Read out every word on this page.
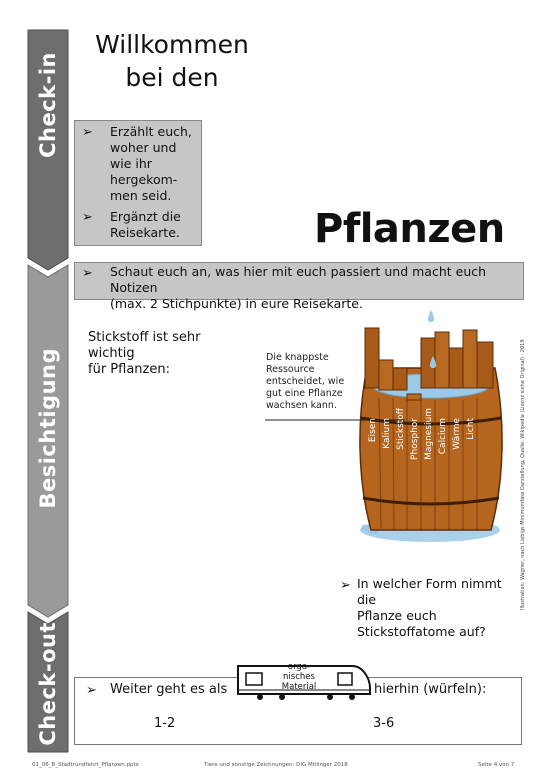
Check-in
Besichtigung
Check-out
Willkommen
bei den
➢ Erzählt euch,
woher und
wie ihr
hergekom-
men seid.
➢ Ergänzt die
Reisekarte.	Pflanzen
➢ Schaut euch an, was hier mit euch passiert und macht euch Notizen
(max. 2 Stichpunkte) in eure Reisekarte.
Stickstoff ist sehr wichtig
für Pflanzen:
Eisen Kalium Stickstoff Phosphor Magnesium Calcium Wärme Licht
Die knappste
Ressource
entscheidet, wie
gut eine Pflanze
wachsen kann.	Illustration: Wagner, nach Liebigs Minimumfass Darstellung, Quelle: Wikipedia (Lizenz siehe Original) · 2019
➢ In welcher Form nimmt die
Pflanze euch
Stickstoffatome auf?
➢ Weiter geht es als
orga-
nisches
Material	hierhin (würfeln):
1-2	3-6
01_06_B_Stadtrundfahrt_Pflanzen.pptx	Tiere und sonstige Zeichnungen: DIG Mitlinger 2018	Seite 4 von 7
